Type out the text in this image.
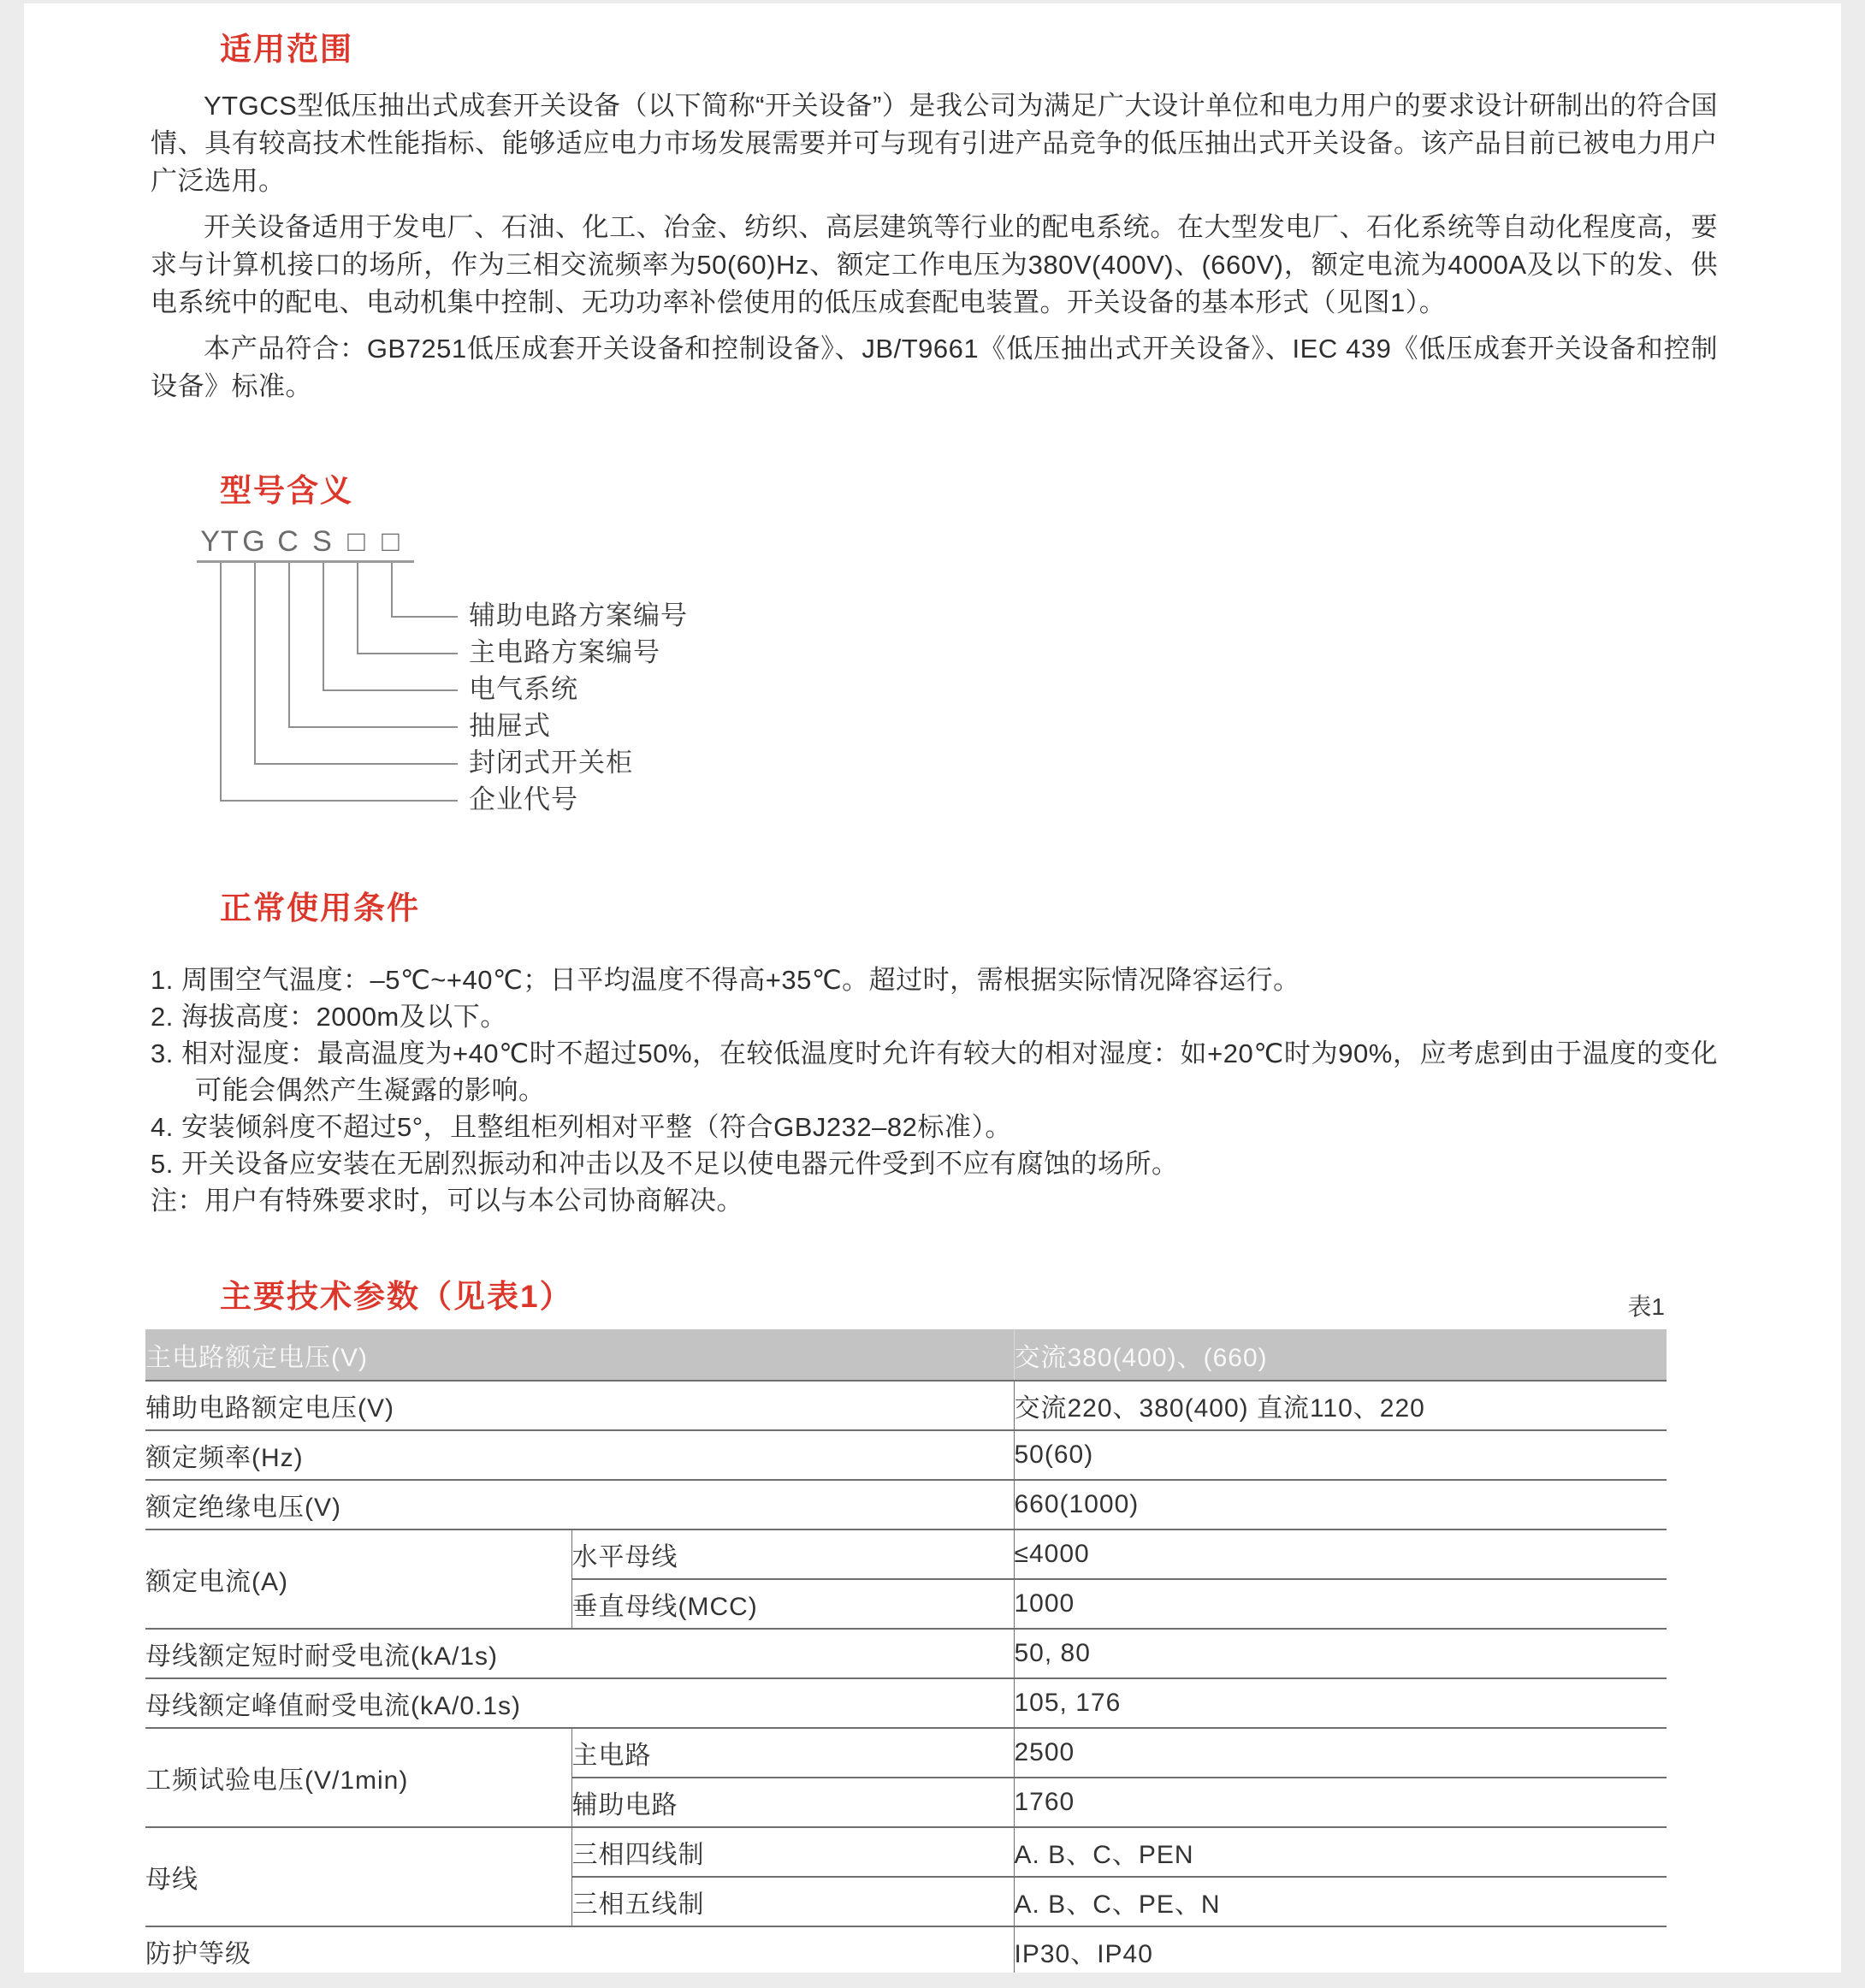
适用范围

YTGCS型低压抽出式成套开关设备（以下简称“开关设备”）是我公司为满足广大设计单位和电力用户的要求设计研制出的符合国情、具有较高技术性能指标、能够适应电力市场发展需要并可与现有引进产品竞争的低压抽出式开关设备。该产品目前已被电力用户广泛选用。

开关设备适用于发电厂、石油、化工、冶金、纺织、高层建筑等行业的配电系统。在大型发电厂、石化系统等自动化程度高，要求与计算机接口的场所，作为三相交流频率为50(60)Hz、额定工作电压为380V(400V)、(660V)，额定电流为4000A及以下的发、供电系统中的配电、电动机集中控制、无功功率补偿使用的低压成套配电装置。开关设备的基本形式（见图1）。

本产品符合：GB7251低压成套开关设备和控制设备》、JB/T9661《低压抽出式开关设备》、IEC 439《低压成套开关设备和控制设备》标准。

型号含义
YT
企业代号
G
封闭式开关柜
C
抽屉式
S
电气系统
□
主电路方案编号
□
辅助电路方案编号
正常使用条件
1. 周围空气温度：–5℃~+40℃；日平均温度不得高+35℃。超过时，需根据实际情况降容运行。
2. 海拔高度：2000m及以下。
3. 相对湿度：最高温度为+40℃时不超过50%，在较低温度时允许有较大的相对湿度：如+20℃时为90%，应考虑到由于温度的变化可能会偶然产生凝露的影响。
4. 安装倾斜度不超过5°，且整组柜列相对平整（符合GBJ232–82标准）。
5. 开关设备应安装在无剧烈振动和冲击以及不足以使电器元件受到不应有腐蚀的场所。
注：用户有特殊要求时，可以与本公司协商解决。
主要技术参数（见表1）	表1
主电路额定电压(V)		交流380(400)、(660)
辅助电路额定电压(V)		交流220、380(400) 直流110、220
额定频率(Hz)		50(60)
额定绝缘电压(V)		660(1000)
额定电流(A)	水平母线	≤4000
	垂直母线(MCC)	1000
母线额定短时耐受电流(kA/1s)		50, 80
母线额定峰值耐受电流(kA/0.1s)		105, 176
工频试验电压(V/1min)	主电路	2500
	辅助电路	1760
母线	三相四线制	A. B、C、PEN
	三相五线制	A. B、C、PE、N
防护等级		IP30、IP40
